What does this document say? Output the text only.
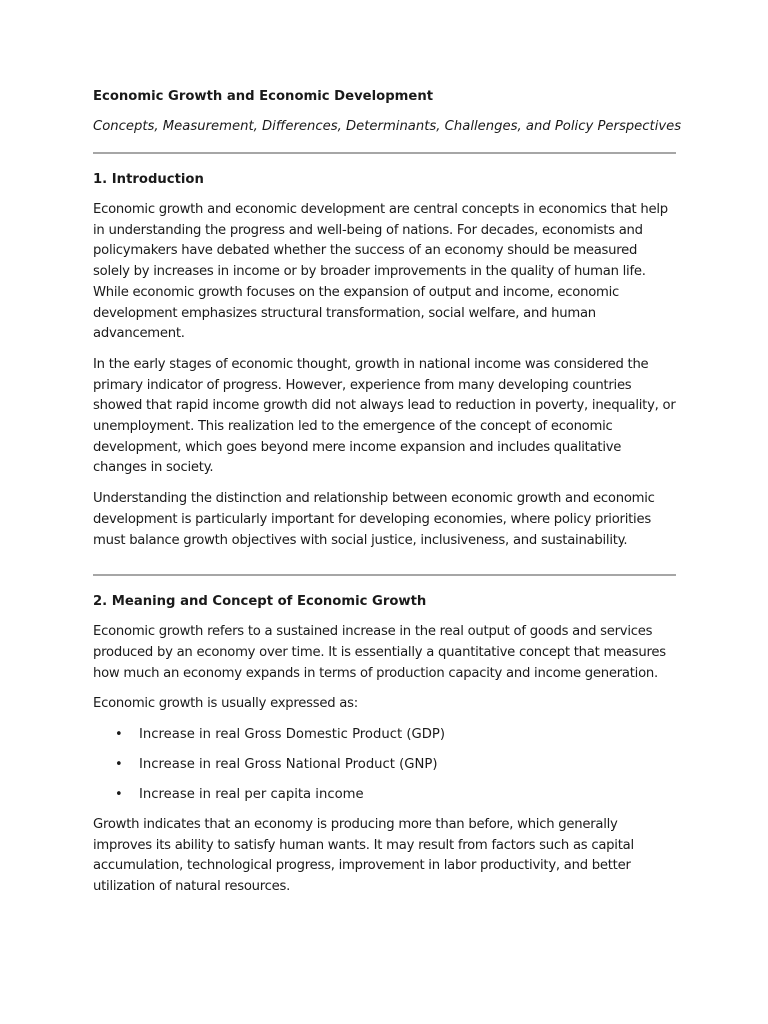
Economic Growth and Economic Development

Concepts, Measurement, Differences, Determinants, Challenges, and Policy Perspectives

1. Introduction

Economic growth and economic development are central concepts in economics that help in understanding the progress and well-being of nations. For decades, economists and policymakers have debated whether the success of an economy should be measured solely by increases in income or by broader improvements in the quality of human life. While economic growth focuses on the expansion of output and income, economic development emphasizes structural transformation, social welfare, and human advancement.

In the early stages of economic thought, growth in national income was considered the primary indicator of progress. However, experience from many developing countries showed that rapid income growth did not always lead to reduction in poverty, inequality, or unemployment. This realization led to the emergence of the concept of economic development, which goes beyond mere income expansion and includes qualitative changes in society.

Understanding the distinction and relationship between economic growth and economic development is particularly important for developing economies, where policy priorities must balance growth objectives with social justice, inclusiveness, and sustainability.

2. Meaning and Concept of Economic Growth

Economic growth refers to a sustained increase in the real output of goods and services produced by an economy over time. It is essentially a quantitative concept that measures how much an economy expands in terms of production capacity and income generation.

Economic growth is usually expressed as:

• Increase in real Gross Domestic Product (GDP)
• Increase in real Gross National Product (GNP)
• Increase in real per capita income

Growth indicates that an economy is producing more than before, which generally improves its ability to satisfy human wants. It may result from factors such as capital accumulation, technological progress, improvement in labor productivity, and better utilization of natural resources.
